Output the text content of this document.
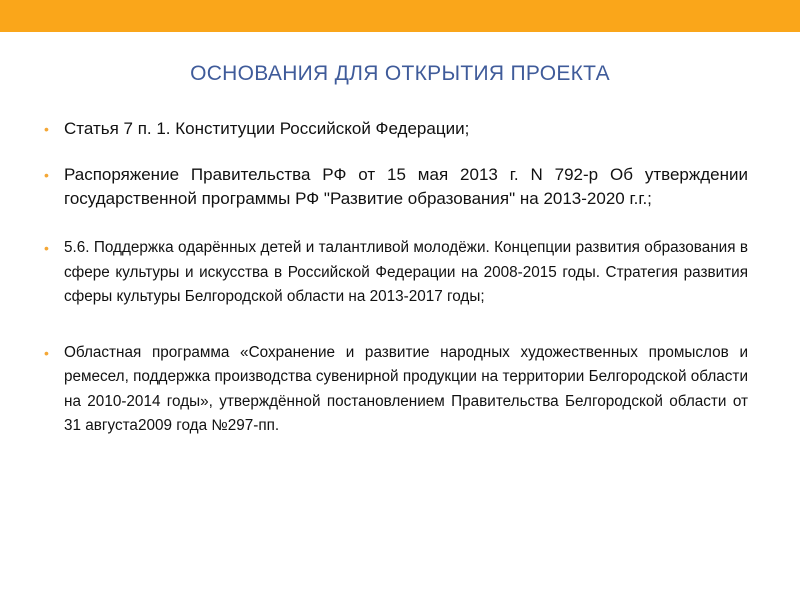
ОСНОВАНИЯ ДЛЯ ОТКРЫТИЯ ПРОЕКТА
• Статья 7 п. 1. Конституции Российской Федерации;
• Распоряжение Правительства РФ от 15 мая 2013 г. N 792-р Об утверждении государственной программы РФ "Развитие образования" на 2013-2020 г.г.;
• 5.6. Поддержка одарённых детей и талантливой молодёжи. Концепции развития образования в сфере культуры и искусства в Российской Федерации на 2008-2015 годы. Стратегия развития сферы культуры Белгородской области на 2013-2017 годы;
• Областная программа «Сохранение и развитие народных художественных промыслов и ремесел, поддержка производства сувенирной продукции на территории Белгородской области на 2010-2014 годы», утверждённой постановлением Правительства Белгородской области от 31 августа2009 года №297-пп.
